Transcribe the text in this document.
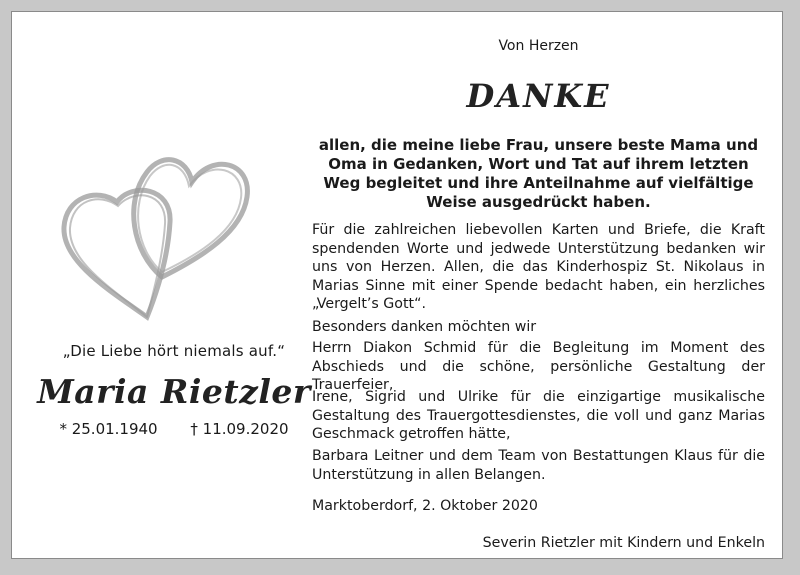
„Die Liebe hört niemals auf.“
Maria Rietzler
* 25.01.1940 † 11.09.2020
Von Herzen
DANKE
allen, die meine liebe Frau, unsere beste Mama und Oma in Gedanken, Wort und Tat auf ihrem letzten Weg begleitet und ihre Anteilnahme auf vielfältige Weise ausgedrückt haben.

Für die zahlreichen liebevollen Karten und Briefe, die Kraft spendenden Worte und jedwede Unterstützung bedanken wir uns von Herzen. Allen, die das Kinderhospiz St. Nikolaus in Marias Sinne mit einer Spende bedacht haben, ein herzliches „Vergelt’s Gott“.

Besonders danken möchten wir

Herrn Diakon Schmid für die Begleitung im Moment des Abschieds und die schöne, persönliche Gestaltung der Trauerfeier,

Irene, Sigrid und Ulrike für die einzigartige musikalische Gestaltung des Trauergottesdienstes, die voll und ganz Marias Geschmack getroffen hätte,

Barbara Leitner und dem Team von Bestattungen Klaus für die Unterstützung in allen Belangen.

Marktoberdorf, 2. Oktober 2020
Severin Rietzler mit Kindern und Enkeln
